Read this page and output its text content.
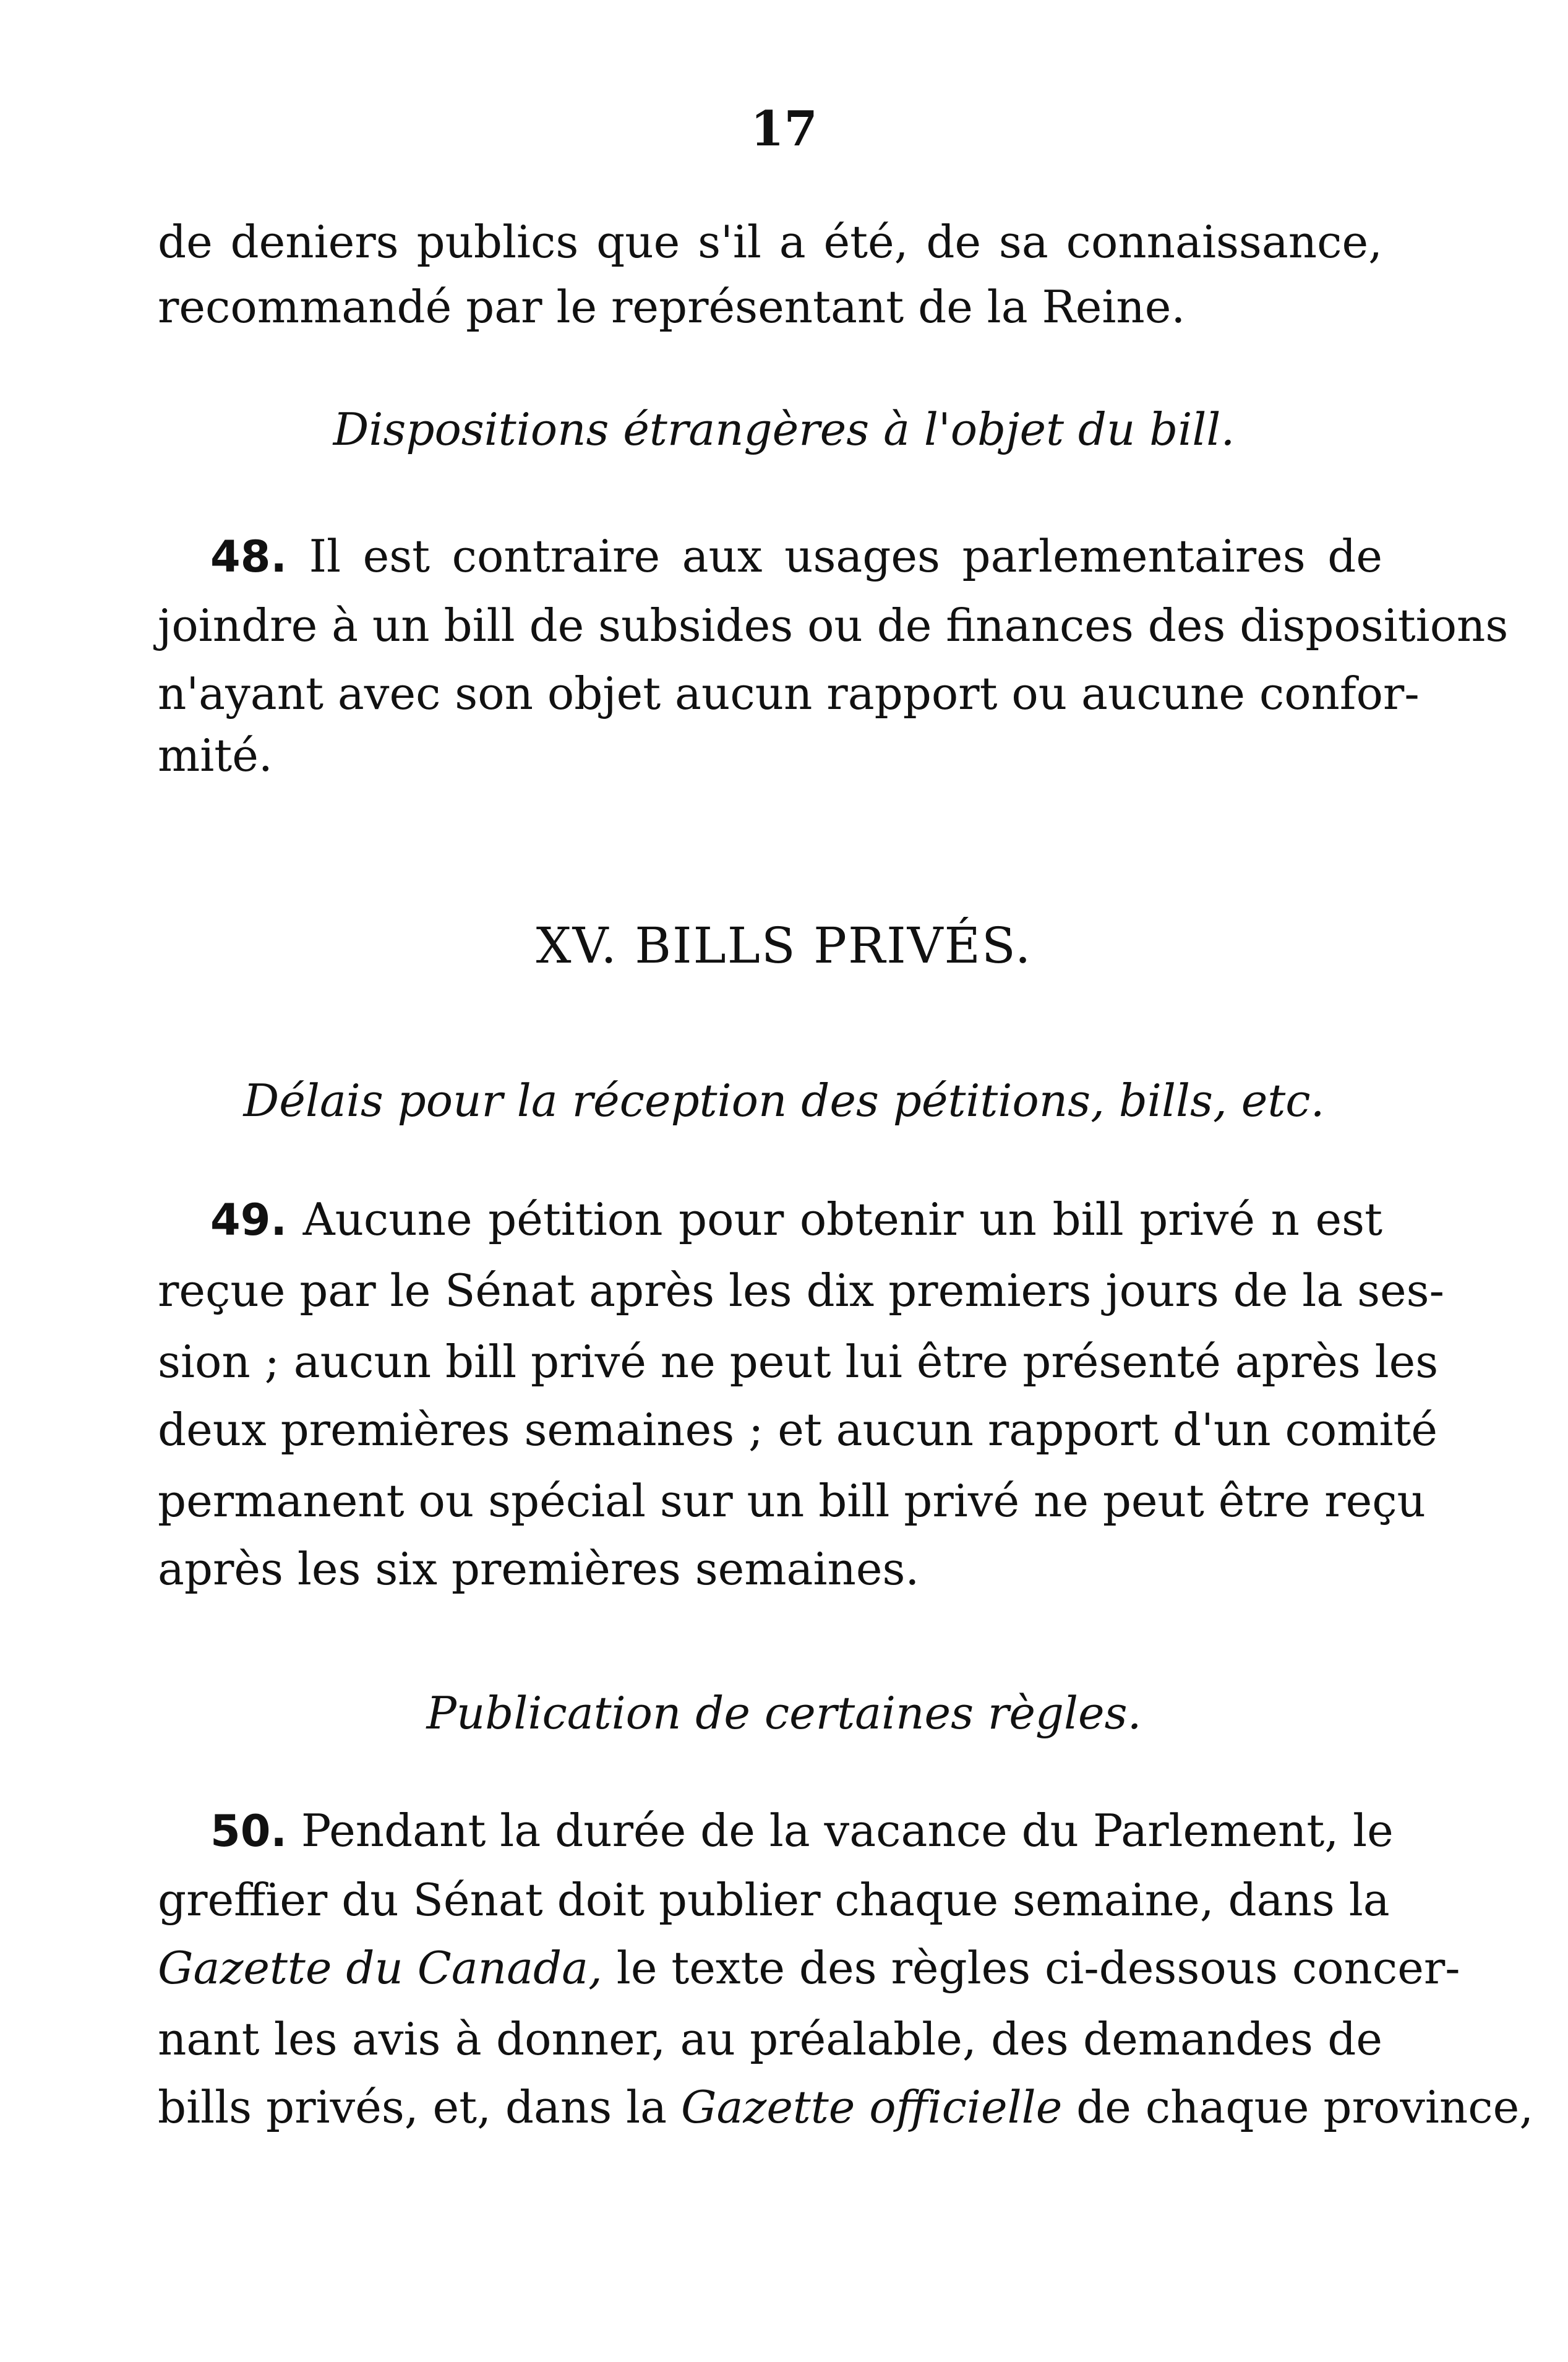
17
de deniers publics que s'il a été, de sa connaissance,
recommandé par le représentant de la Reine.
Dispositions étrangères à l'objet du bill.
48. Il est contraire aux usages parlementaires de
joindre à un bill de subsides ou de finances des dispositions
n'ayant avec son objet aucun rapport ou aucune confor-
mité.
XV. BILLS PRIVÉS.
Délais pour la réception des pétitions, bills, etc.
49. Aucune pétition pour obtenir un bill privé n est
reçue par le Sénat après les dix premiers jours de la ses-
sion ; aucun bill privé ne peut lui être présenté après les
deux premières semaines ; et aucun rapport d'un comité
permanent ou spécial sur un bill privé ne peut être reçu
après les six premières semaines.
Publication de certaines règles.
50. Pendant la durée de la vacance du Parlement, le
greffier du Sénat doit publier chaque semaine, dans la
Gazette du Canada, le texte des règles ci-dessous concer-
nant les avis à donner, au préalable, des demandes de
bills privés, et, dans la Gazette officielle de chaque province,
